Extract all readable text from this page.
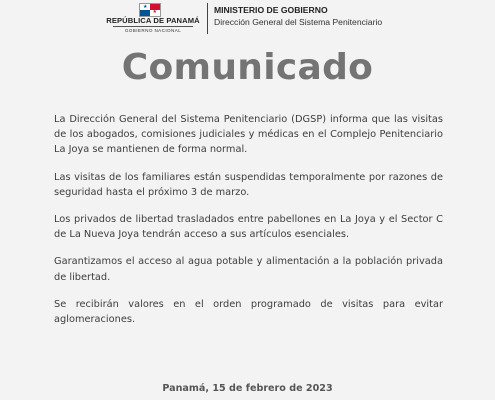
★
★
REPÚBLICA DE PANAMÁ
GOBIERNO NACIONAL
MINISTERIO DE GOBIERNO
Dirección General del Sistema Penitenciario
Comunicado

La Dirección General del Sistema Penitenciario (DGSP) informa que las visitas de los abogados, comisiones judiciales y médicas en el Complejo Penitenciario La Joya se mantienen de forma normal.

Las visitas de los familiares están suspendidas temporalmente por razones de seguridad hasta el próximo 3 de marzo.

Los privados de libertad trasladados entre pabellones en La Joya y el Sector C de La Nueva Joya tendrán acceso a sus artículos esenciales.

Garantizamos el acceso al agua potable y alimentación a la población privada de libertad.

Se recibirán valores en el orden programado de visitas para evitar aglomeraciones.

Panamá, 15 de febrero de 2023
